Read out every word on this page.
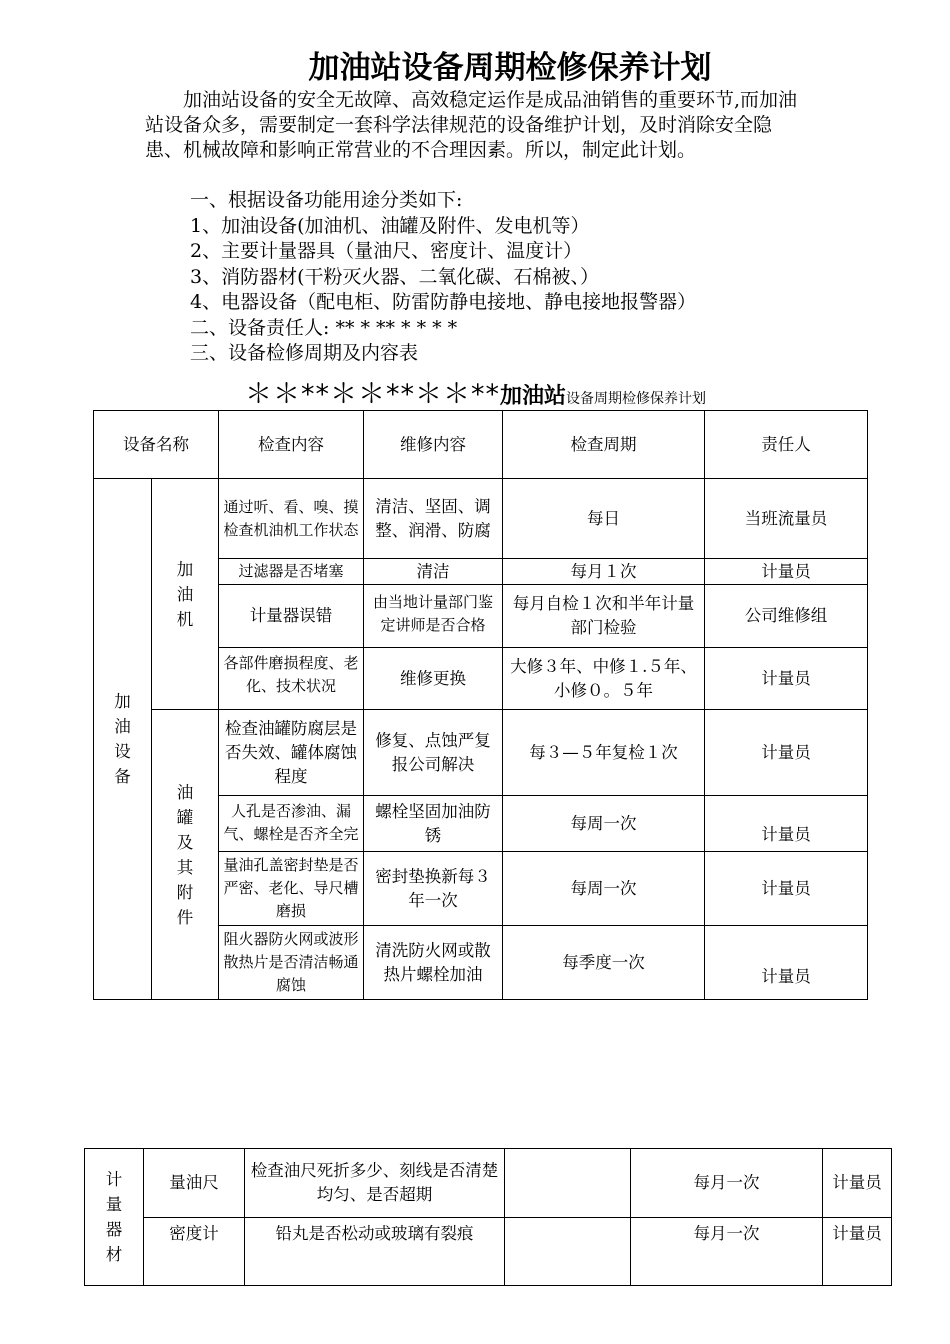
加油站设备周期检修保养计划

加油站设备的安全无故障、高效稳定运作是成品油销售的重要环节,而加油站设备众多，需要制定一套科学法律规范的设备维护计划，及时消除安全隐患、机械故障和影响正常营业的不合理因素。所以，制定此计划。

一、根据设备功能用途分类如下:
1、加油设备(加油机、油罐及附件、发电机等）
2、主要计量器具（量油尺、密度计、温度计）
3、消防器材(干粉灭火器、二氧化碳、石棉被、）
4、电器设备（配电柜、防雷防静电接地、静电接地报警器）
二、设备责任人: ** * ** * * * *
三、设备检修周期及内容表
＊＊**＊＊**＊＊**加油站设备周期检修保养计划
设备名称		检查内容	维修内容	检查周期	责任人

加油设备	加油机	通过听、看、嗅、摸检查机油机工作状态	清洁、坚固、调整、润滑、防腐	每日	当班流量员
		过滤器是否堵塞	清洁	每月１次	计量员
		计量器误错	由当地计量部门鉴定讲师是否合格	每月自检１次和半年计量部门检验	公司维修组

		各部件磨损程度、老化、技术状况	维修更换	大修３年、中修１.５年、小修０。５年	计量员

	油罐及其附件	检查油罐防腐层是否失效、罐体腐蚀程度	修复、点蚀严复报公司解决	每３—５年复检１次	计量员

		人孔是否渗油、漏气、螺栓是否齐全完	螺栓坚固加油防锈	每周一次	计量员

		量油孔盖密封垫是否严密、老化、导尺槽磨损	密封垫换新每３年一次	每周一次	计量员

		阻火器防火网或波形散热片是否清洁畅通腐蚀	清洗防火网或散热片螺栓加油	每季度一次	计量员
计量器材	量油尺	检查油尺死折多少、刻线是否清楚均匀、是否超期		每月一次	计量员
	密度计	铅丸是否松动或玻璃有裂痕		每月一次	计量员
